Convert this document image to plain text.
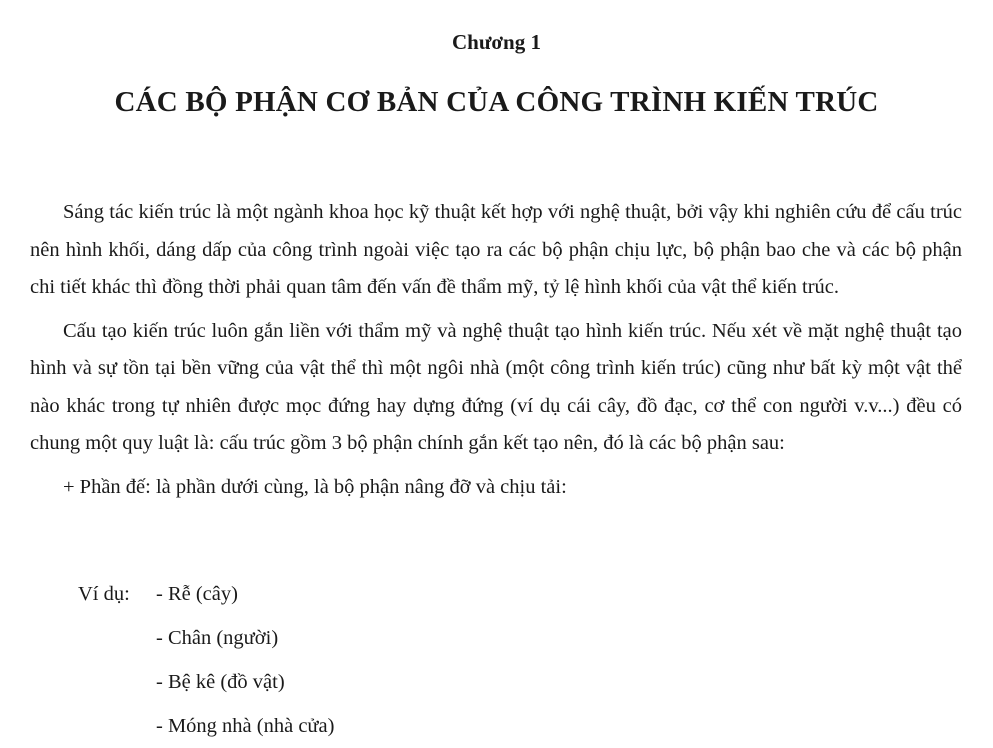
Chương 1
CÁC BỘ PHẬN CƠ BẢN CỦA CÔNG TRÌNH KIẾN TRÚC

Sáng tác kiến trúc là một ngành khoa học kỹ thuật kết hợp với nghệ thuật, bởi vậy khi nghiên cứu để cấu trúc nên hình khối, dáng dấp của công trình ngoài việc tạo ra các bộ phận chịu lực, bộ phận bao che và các bộ phận chi tiết khác thì đồng thời phải quan tâm đến vấn đề thẩm mỹ, tỷ lệ hình khối của vật thể kiến trúc.

Cấu tạo kiến trúc luôn gắn liền với thẩm mỹ và nghệ thuật tạo hình kiến trúc. Nếu xét về mặt nghệ thuật tạo hình và sự tồn tại bền vững của vật thể thì một ngôi nhà (một công trình kiến trúc) cũng như bất kỳ một vật thể nào khác trong tự nhiên được mọc đứng hay dựng đứng (ví dụ cái cây, đồ đạc, cơ thể con người v.v...) đều có chung một quy luật là: cấu trúc gồm 3 bộ phận chính gắn kết tạo nên, đó là các bộ phận sau:

+ Phần đế: là phần dưới cùng, là bộ phận nâng đỡ và chịu tải:

Ví dụ: - Rễ (cây)
- Chân (người)
- Bệ kê (đồ vật)
- Móng nhà (nhà cửa)
